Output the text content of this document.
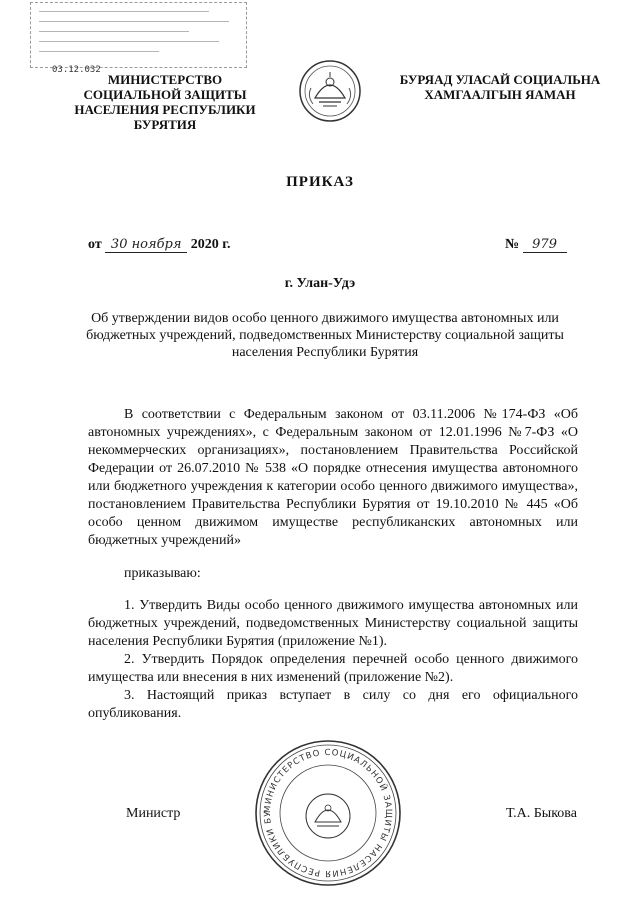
03.12.032
МИНИСТЕРСТВО СОЦИАЛЬНОЙ ЗАЩИТЫ НАСЕЛЕНИЯ РЕСПУБЛИКИ БУРЯТИЯ
БУРЯАД УЛАСАЙ СОЦИАЛЬНА ХАМГААЛГЫН ЯАМАН
ПРИКАЗ
от 30 ноября 2020 г.	№ 979
г. Улан-Удэ
Об утверждении видов особо ценного движимого имущества автономных или бюджетных учреждений, подведомственных Министерству социальной защиты населения Республики Бурятия
В соответствии с Федеральным законом от 03.11.2006 №174-ФЗ «Об автономных учреждениях», с Федеральным законом от 12.01.1996 №7-ФЗ «О некоммерческих организациях», постановлением Правительства Российской Федерации от 26.07.2010 № 538 «О порядке отнесения имущества автономного или бюджетного учреждения к категории особо ценного движимого имущества», постановлением Правительства Республики Бурятия от 19.10.2010 № 445 «Об особо ценном движимом имуществе республиканских автономных или бюджетных учреждений»
приказываю:
1. Утвердить Виды особо ценного движимого имущества автономных или бюджетных учреждений, подведомственных Министерству социальной защиты населения Республики Бурятия (приложение №1).
2. Утвердить Порядок определения перечней особо ценного движимого имущества или внесения в них изменений (приложение №2).
3. Настоящий приказ вступает в силу со дня его официального опубликования.
МИНИСТЕРСТВО СОЦИАЛЬНОЙ ЗАЩИТЫ НАСЕЛЕНИЯ РЕСПУБЛИКИ БУ
Министр	Т.А. Быкова
